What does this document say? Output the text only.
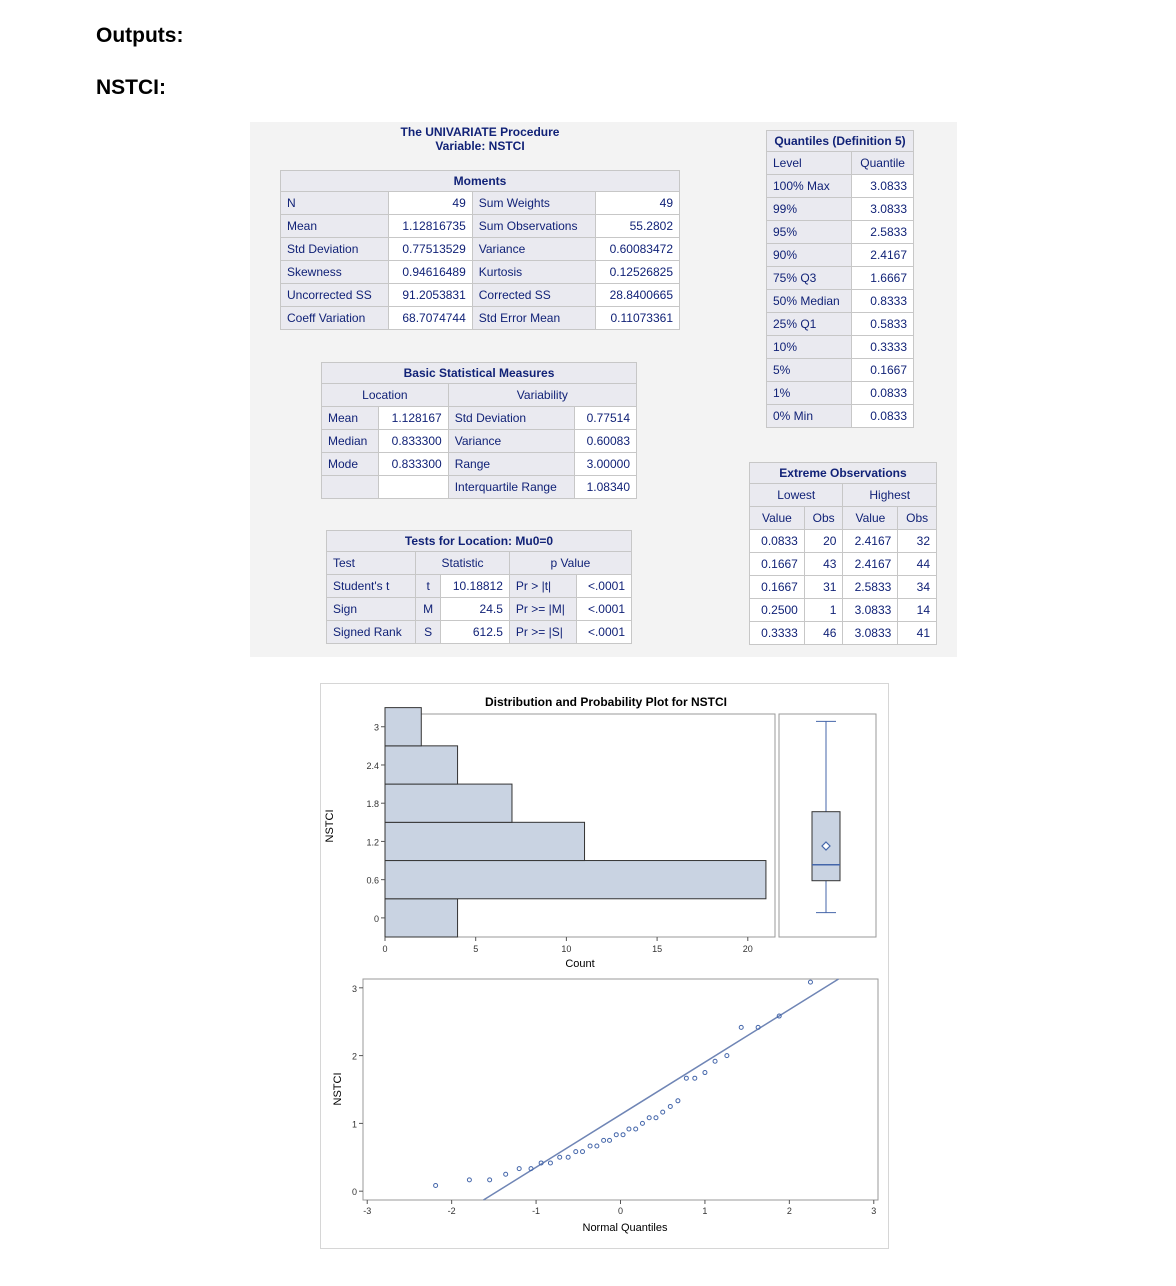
Outputs:
NSTCI:
The UNIVARIATE Procedure
Variable: NSTCI
Moments
N	49	Sum Weights	49
Mean	1.12816735	Sum Observations	55.2802
Std Deviation	0.77513529	Variance	0.60083472
Skewness	0.94616489	Kurtosis	0.12526825
Uncorrected SS	91.2053831	Corrected SS	28.8400665
Coeff Variation	68.7074744	Std Error Mean	0.11073361
Basic Statistical Measures
Location		Variability	
Mean	1.128167	Std Deviation	0.77514
Median	0.833300	Variance	0.60083
Mode	0.833300	Range	3.00000
		Interquartile Range	1.08340
Tests for Location: Mu0=0
Test	Statistic		p Value	
Student's t	t	10.18812	Pr > |t|	<.0001
Sign	M	24.5	Pr >= |M|	<.0001
Signed Rank	S	612.5	Pr >= |S|	<.0001
Quantiles (Definition 5)
Level	Quantile
100% Max	3.0833
99%	3.0833
95%	2.5833
90%	2.4167
75% Q3	1.6667
50% Median	0.8333
25% Q1	0.5833
10%	0.3333
5%	0.1667
1%	0.0833
0% Min	0.0833
Extreme Observations
Lowest		Highest	
Value	Obs	Value	Obs
0.0833	20	2.4167	32
0.1667	43	2.4167	44
0.1667	31	2.5833	34
0.2500	1	3.0833	14
0.3333	46	3.0833	41
Distribution and Probability Plot for NSTCI
0
0.6
1.2
1.8
2.4
3
0	5	10	15	20
NSTCI
Count
0
1
2
3
-3	-2	-1	0	1	2	3
NSTCI
Normal Quantiles
